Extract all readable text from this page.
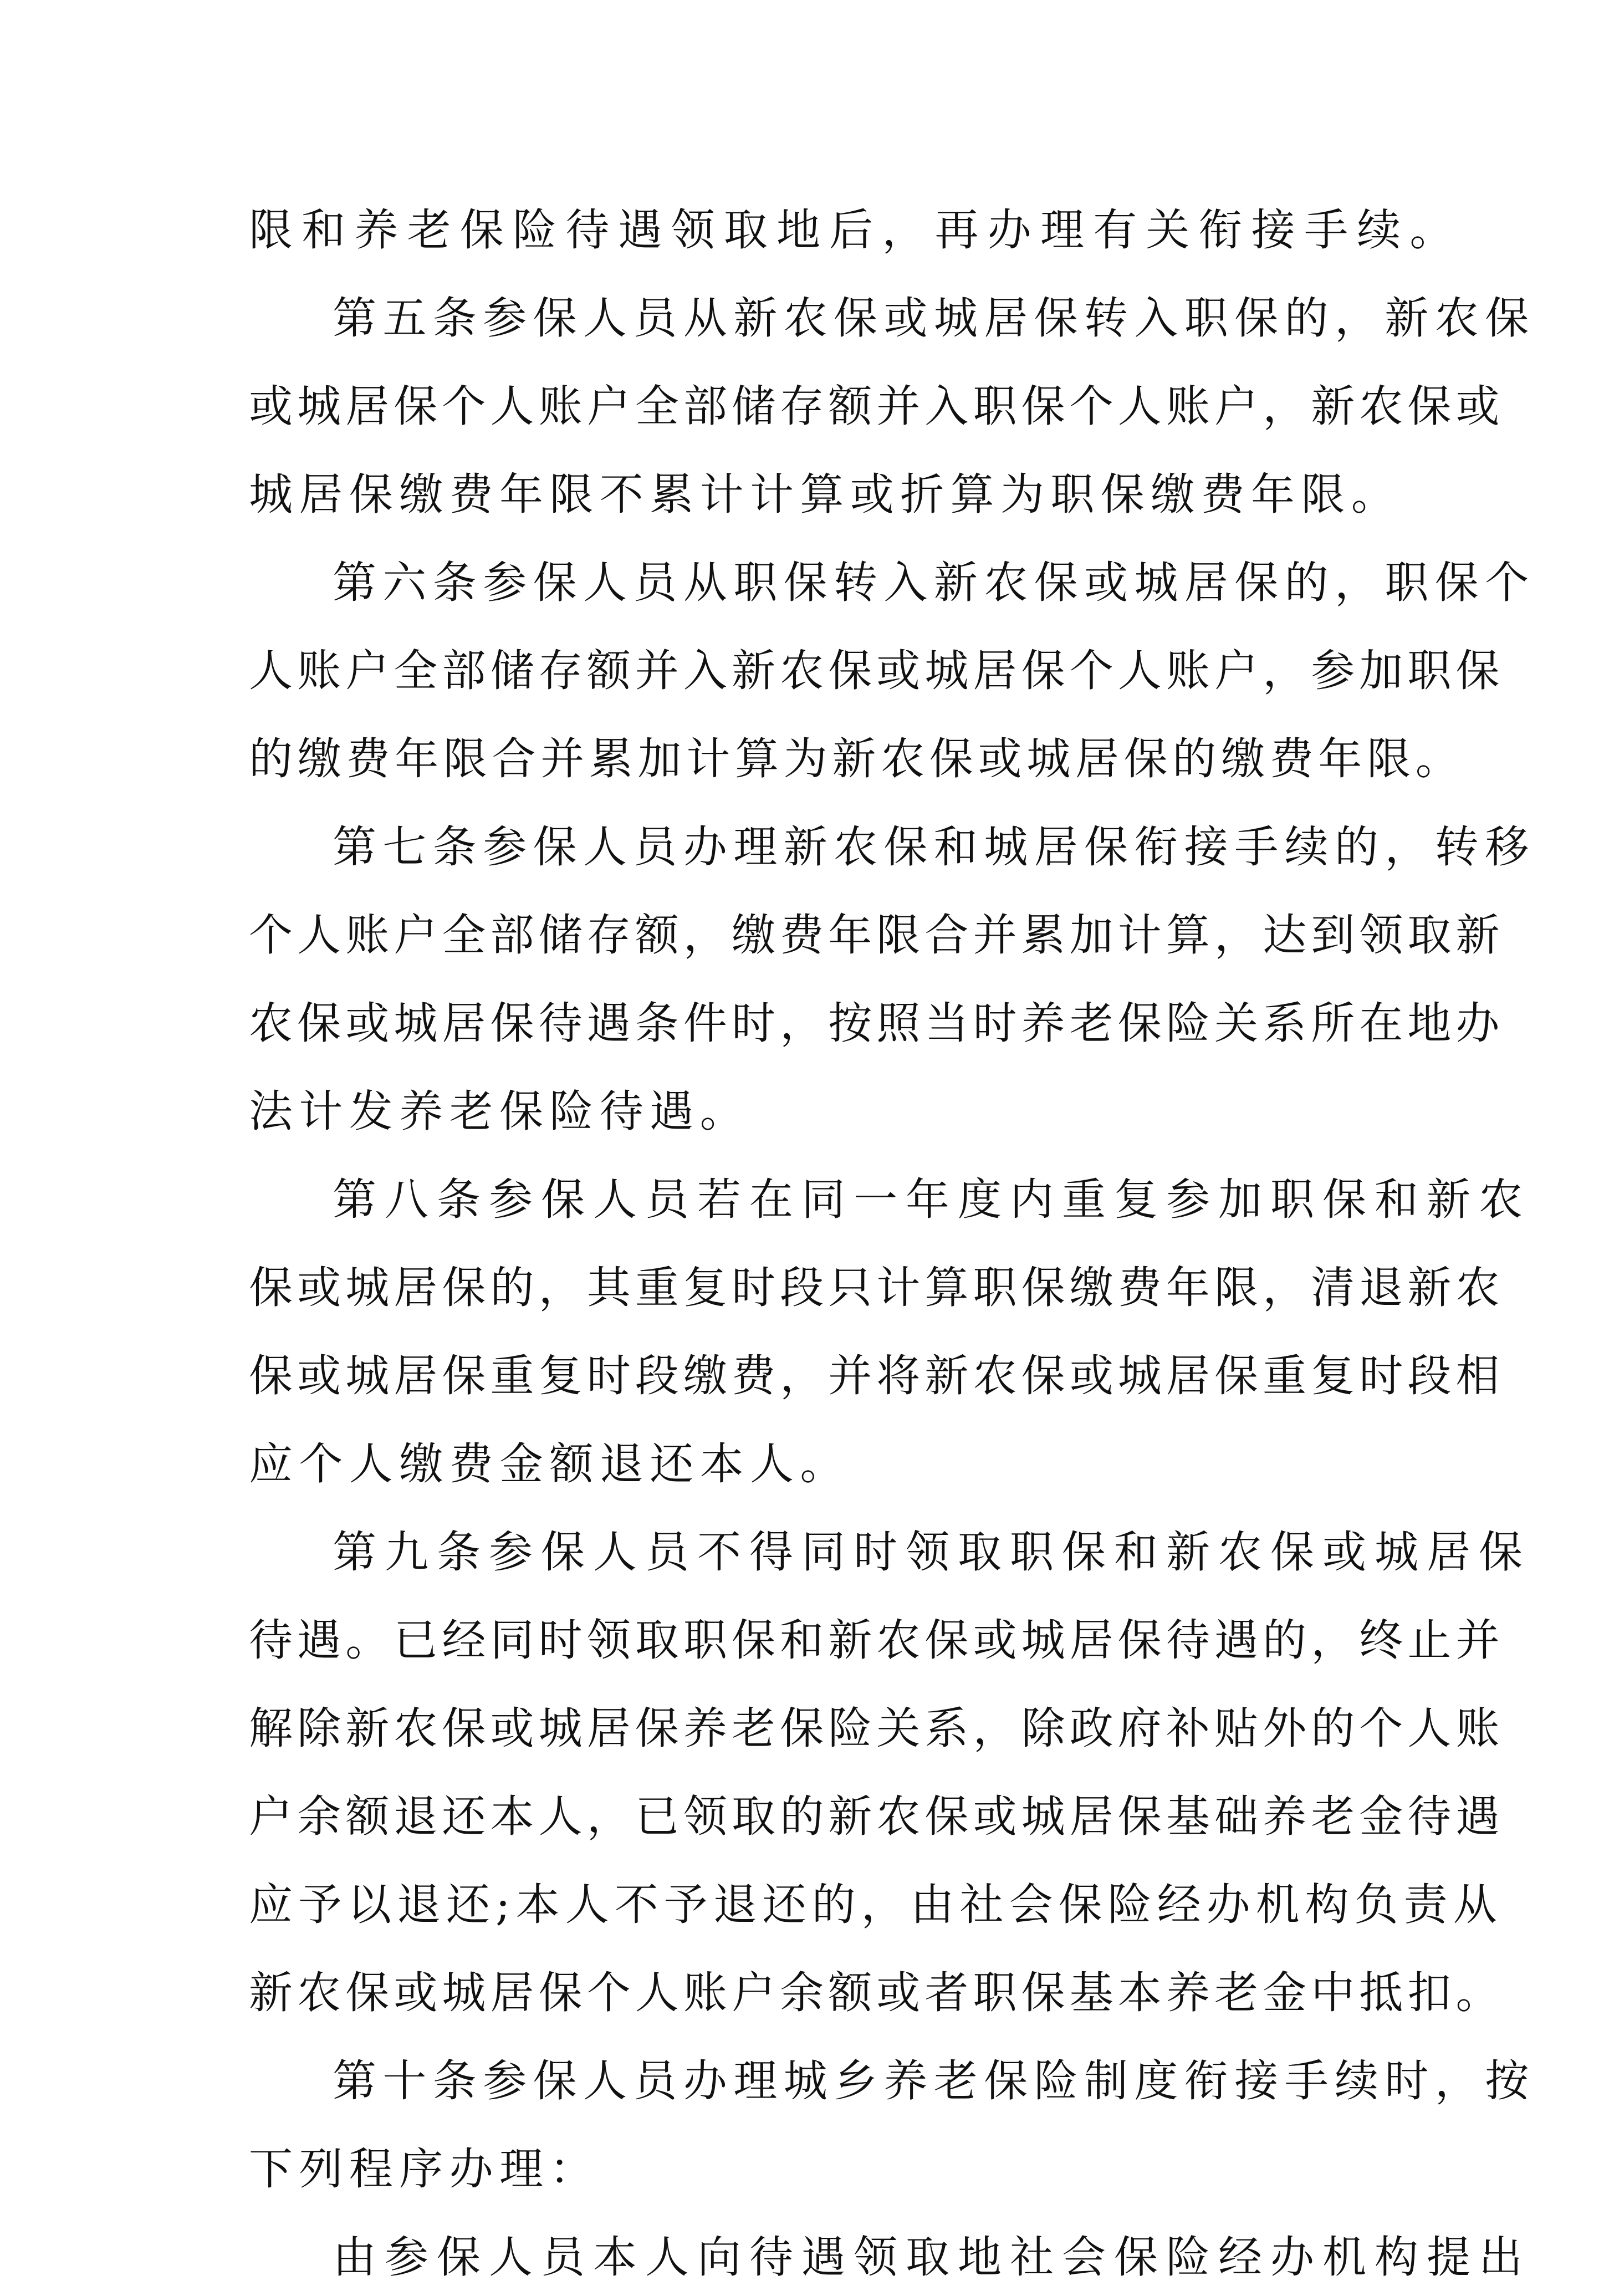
限和养老保险待遇领取地后，再办理有关衔接手续。
第五条参保人员从新农保或城居保转入职保的，新农保
或城居保个人账户全部储存额并入职保个人账户，新农保或
城居保缴费年限不累计计算或折算为职保缴费年限。
第六条参保人员从职保转入新农保或城居保的，职保个
人账户全部储存额并入新农保或城居保个人账户，参加职保
的缴费年限合并累加计算为新农保或城居保的缴费年限。
第七条参保人员办理新农保和城居保衔接手续的，转移
个人账户全部储存额，缴费年限合并累加计算，达到领取新
农保或城居保待遇条件时，按照当时养老保险关系所在地办
法计发养老保险待遇。
第八条参保人员若在同一年度内重复参加职保和新农
保或城居保的，其重复时段只计算职保缴费年限，清退新农
保或城居保重复时段缴费，并将新农保或城居保重复时段相
应个人缴费金额退还本人。
第九条参保人员不得同时领取职保和新农保或城居保
待遇。已经同时领取职保和新农保或城居保待遇的，终止并
解除新农保或城居保养老保险关系，除政府补贴外的个人账
户余额退还本人，已领取的新农保或城居保基础养老金待遇
应予以退还;本人不予退还的，由社会保险经办机构负责从
新农保或城居保个人账户余额或者职保基本养老金中抵扣。
第十条参保人员办理城乡养老保险制度衔接手续时，按
下列程序办理：
由参保人员本人向待遇领取地社会保险经办机构提出
